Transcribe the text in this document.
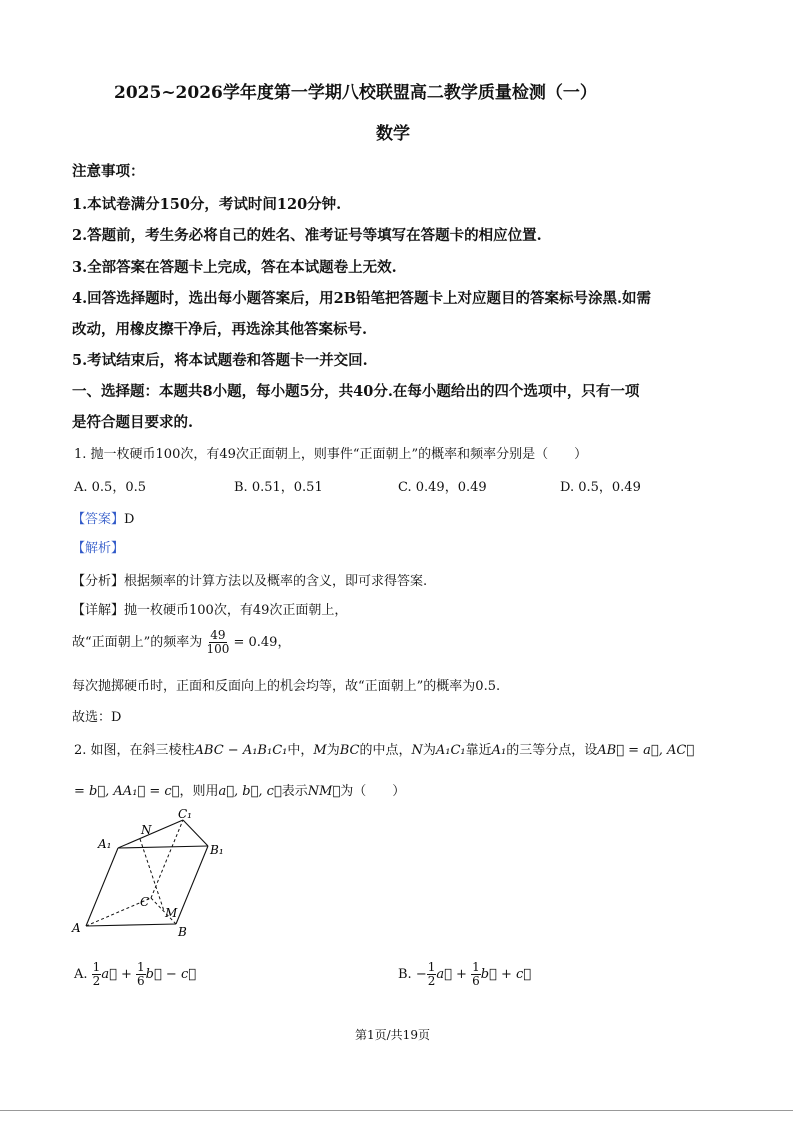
2025~2026学年度第一学期八校联盟高二教学质量检测（一）
数学
注意事项：
1.本试卷满分150分，考试时间120分钟.
2.答题前，考生务必将自己的姓名、准考证号等填写在答题卡的相应位置.
3.全部答案在答题卡上完成，答在本试题卷上无效.
4.回答选择题时，选出每小题答案后，用2B铅笔把答题卡上对应题目的答案标号涂黑.如需
改动，用橡皮擦干净后，再选涂其他答案标号.
5.考试结束后，将本试题卷和答题卡一并交回.
一、选择题：本题共8小题，每小题5分，共40分.在每小题给出的四个选项中，只有一项
是符合题目要求的.
1. 抛一枚硬币100次，有49次正面朝上，则事件“正面朝上”的概率和频率分别是（　　）
A. 0.5，0.5	B. 0.51，0.51	C. 0.49，0.49	D. 0.5，0.49
【答案】D
【解析】
【分析】根据频率的计算方法以及概率的含义，即可求得答案.
【详解】抛一枚硬币100次，有49次正面朝上，
故“正面朝上”的频率为 $\frac{49}{100} = 0.49$，
每次抛掷硬币时，正面和反面向上的机会均等，故“正面朝上”的概率为0.5.
故选：D
2. 如图，在斜三棱柱ABC − A₁B₁C₁中，M为BC的中点，N为A₁C₁靠近A₁的三等分点，设AB⃗ = a⃗, AC⃗
= b⃗, AA₁⃗ = c⃗，则用a⃗, b⃗, c⃗表示NM⃗为（　　）
N
C₁
A₁	B₁
C
M
A	B
A. $\frac{1}{2}$ a⃗ + $\frac{1}{6}$ b⃗ − c⃗	B. − $\frac{1}{2}$ a⃗ + $\frac{1}{6}$ b⃗ + c⃗
第1页/共19页
